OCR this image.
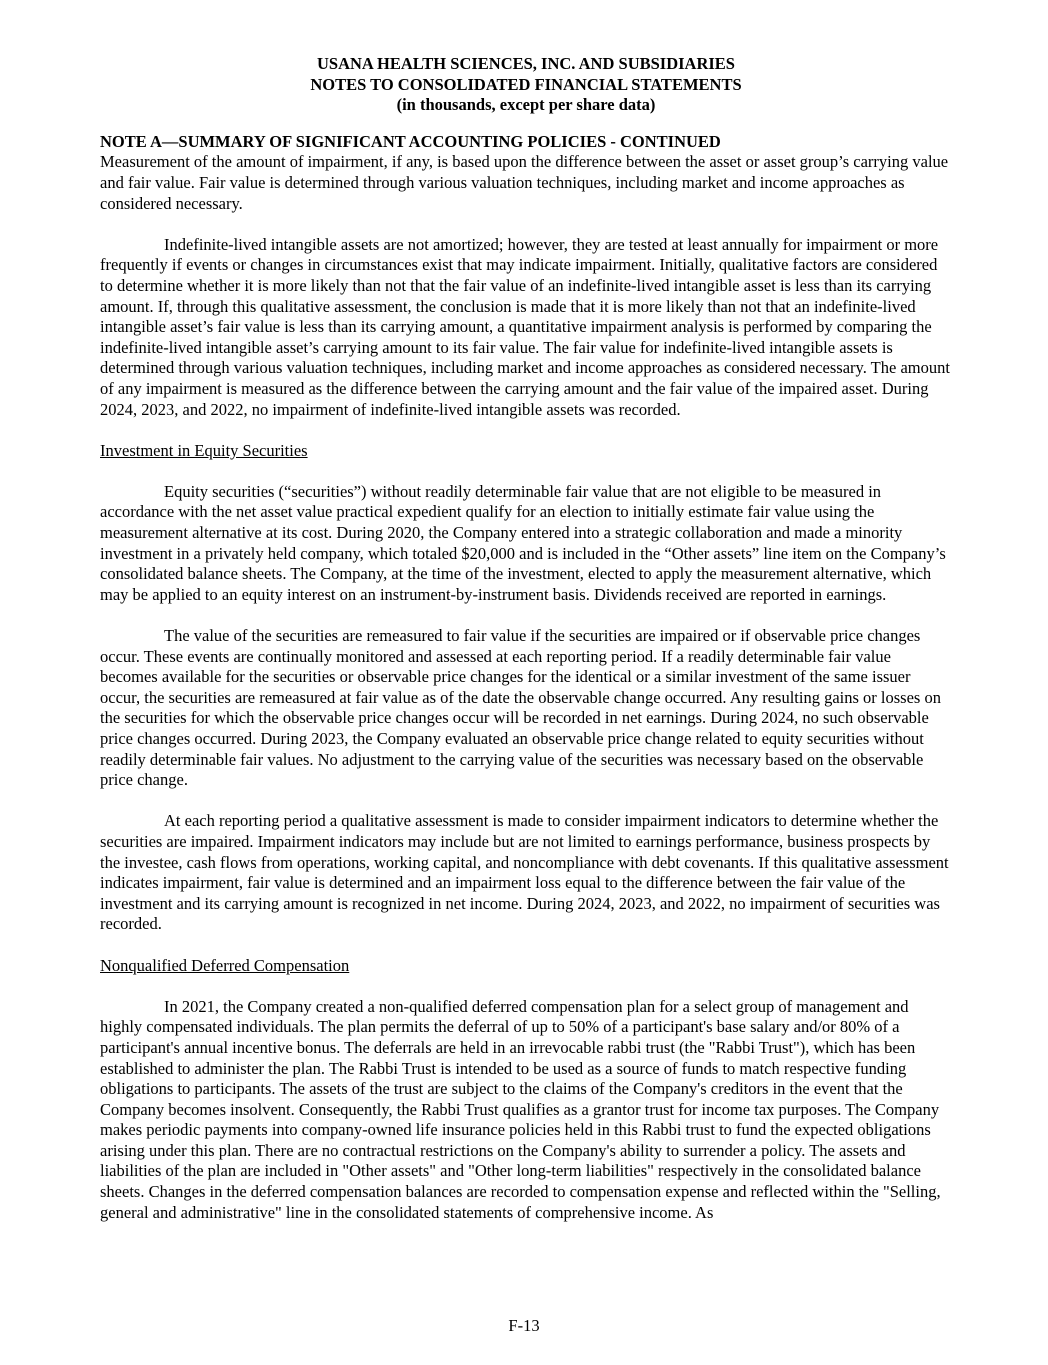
USANA HEALTH SCIENCES, INC. AND SUBSIDIARIES
NOTES TO CONSOLIDATED FINANCIAL STATEMENTS
(in thousands, except per share data)
NOTE A—SUMMARY OF SIGNIFICANT ACCOUNTING POLICIES - CONTINUED

Measurement of the amount of impairment, if any, is based upon the difference between the asset or asset group’s carrying value and fair value. Fair value is determined through various valuation techniques, including market and income approaches as considered necessary.

Indefinite-lived intangible assets are not amortized; however, they are tested at least annually for impairment or more frequently if events or changes in circumstances exist that may indicate impairment. Initially, qualitative factors are considered to determine whether it is more likely than not that the fair value of an indefinite-lived intangible asset is less than its carrying amount. If, through this qualitative assessment, the conclusion is made that it is more likely than not that an indefinite-lived intangible asset’s fair value is less than its carrying amount, a quantitative impairment analysis is performed by comparing the indefinite-lived intangible asset’s carrying amount to its fair value. The fair value for indefinite-lived intangible assets is determined through various valuation techniques, including market and income approaches as considered necessary. The amount of any impairment is measured as the difference between the carrying amount and the fair value of the impaired asset. During 2024, 2023, and 2022, no impairment of indefinite-lived intangible assets was recorded.

Investment in Equity Securities

Equity securities (“securities”) without readily determinable fair value that are not eligible to be measured in accordance with the net asset value practical expedient qualify for an election to initially estimate fair value using the measurement alternative at its cost. During 2020, the Company entered into a strategic collaboration and made a minority investment in a privately held company, which totaled $20,000 and is included in the “Other assets” line item on the Company’s consolidated balance sheets. The Company, at the time of the investment, elected to apply the measurement alternative, which may be applied to an equity interest on an instrument-by-instrument basis. Dividends received are reported in earnings.

The value of the securities are remeasured to fair value if the securities are impaired or if observable price changes occur. These events are continually monitored and assessed at each reporting period. If a readily determinable fair value becomes available for the securities or observable price changes for the identical or a similar investment of the same issuer occur, the securities are remeasured at fair value as of the date the observable change occurred. Any resulting gains or losses on the securities for which the observable price changes occur will be recorded in net earnings. During 2024, no such observable price changes occurred. During 2023, the Company evaluated an observable price change related to equity securities without readily determinable fair values. No adjustment to the carrying value of the securities was necessary based on the observable price change.

At each reporting period a qualitative assessment is made to consider impairment indicators to determine whether the securities are impaired. Impairment indicators may include but are not limited to earnings performance, business prospects by the investee, cash flows from operations, working capital, and noncompliance with debt covenants. If this qualitative assessment indicates impairment, fair value is determined and an impairment loss equal to the difference between the fair value of the investment and its carrying amount is recognized in net income. During 2024, 2023, and 2022, no impairment of securities was recorded.

Nonqualified Deferred Compensation

In 2021, the Company created a non-qualified deferred compensation plan for a select group of management and highly compensated individuals. The plan permits the deferral of up to 50% of a participant's base salary and/or 80% of a participant's annual incentive bonus. The deferrals are held in an irrevocable rabbi trust (the "Rabbi Trust"), which has been established to administer the plan. The Rabbi Trust is intended to be used as a source of funds to match respective funding obligations to participants. The assets of the trust are subject to the claims of the Company's creditors in the event that the Company becomes insolvent. Consequently, the Rabbi Trust qualifies as a grantor trust for income tax purposes. The Company makes periodic payments into company-owned life insurance policies held in this Rabbi trust to fund the expected obligations arising under this plan. There are no contractual restrictions on the Company's ability to surrender a policy. The assets and liabilities of the plan are included in "Other assets" and "Other long-term liabilities" respectively in the consolidated balance sheets. Changes in the deferred compensation balances are recorded to compensation expense and reflected within the "Selling, general and administrative" line in the consolidated statements of comprehensive income. As

F-13
